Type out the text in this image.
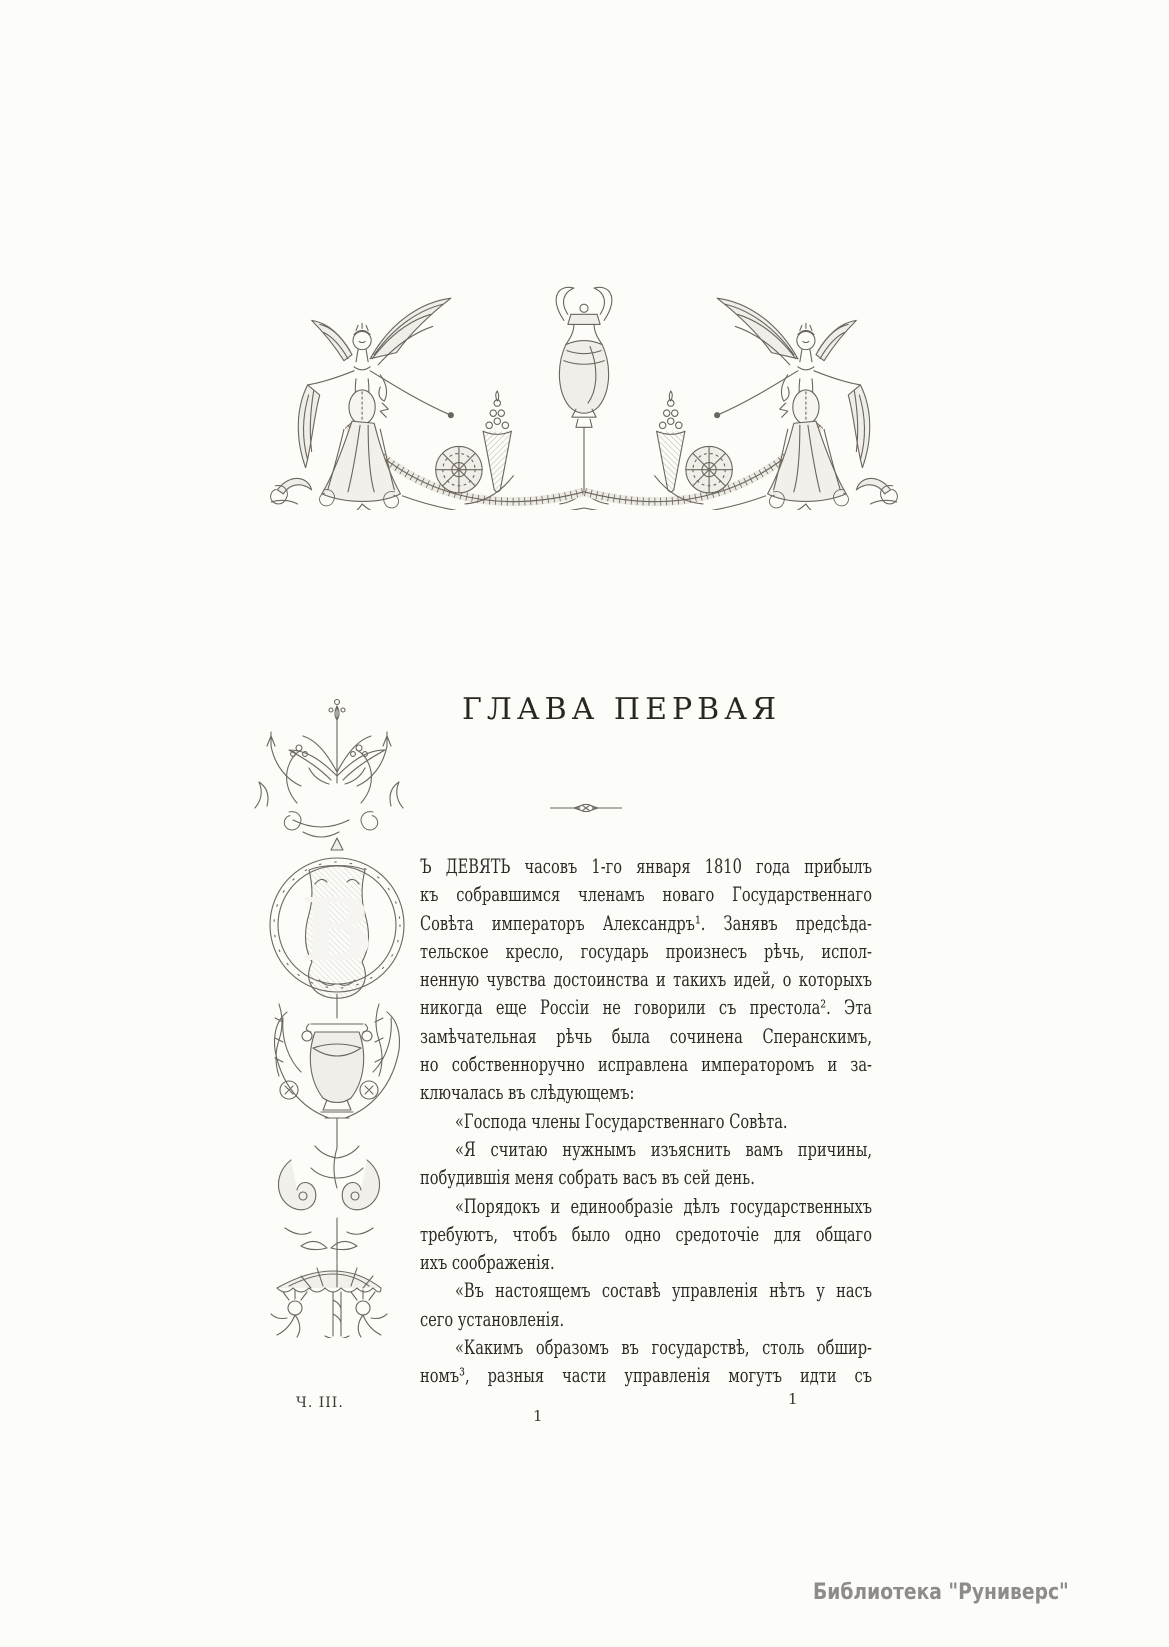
ГЛАВА ПЕРВАЯ
В
Ъ ДЕВЯТЬ часовъ 1-го января 1810 года прибылъ
къ собравшимся членамъ новаго Государственнаго
Совѣта императоръ Александръ¹. Занявъ предсѣда-
тельское кресло, государь произнесъ рѣчь, испол-
ненную чувства достоинства и такихъ идей, о которыхъ
никогда еще Россіи не говорили съ престола². Эта
замѣчательная рѣчь была сочинена Сперанскимъ,
но собственноручно исправлена императоромъ и за-
ключалась въ слѣдующемъ:
«Господа члены Государственнаго Совѣта.
«Я считаю нужнымъ изъяснить вамъ причины,
побудившія меня собрать васъ въ сей день.
«Порядокъ и единообразіе дѣлъ государственныхъ
требуютъ, чтобъ было одно средоточіе для общаго
ихъ соображенія.
«Въ настоящемъ составѣ управленія нѣтъ у насъ
сего установленія.
«Какимъ образомъ въ государствѣ, столь обшир-
номъ³, разныя части управленія могутъ идти съ
Ч. III.
1
1
Библиотека "Руниверс"
